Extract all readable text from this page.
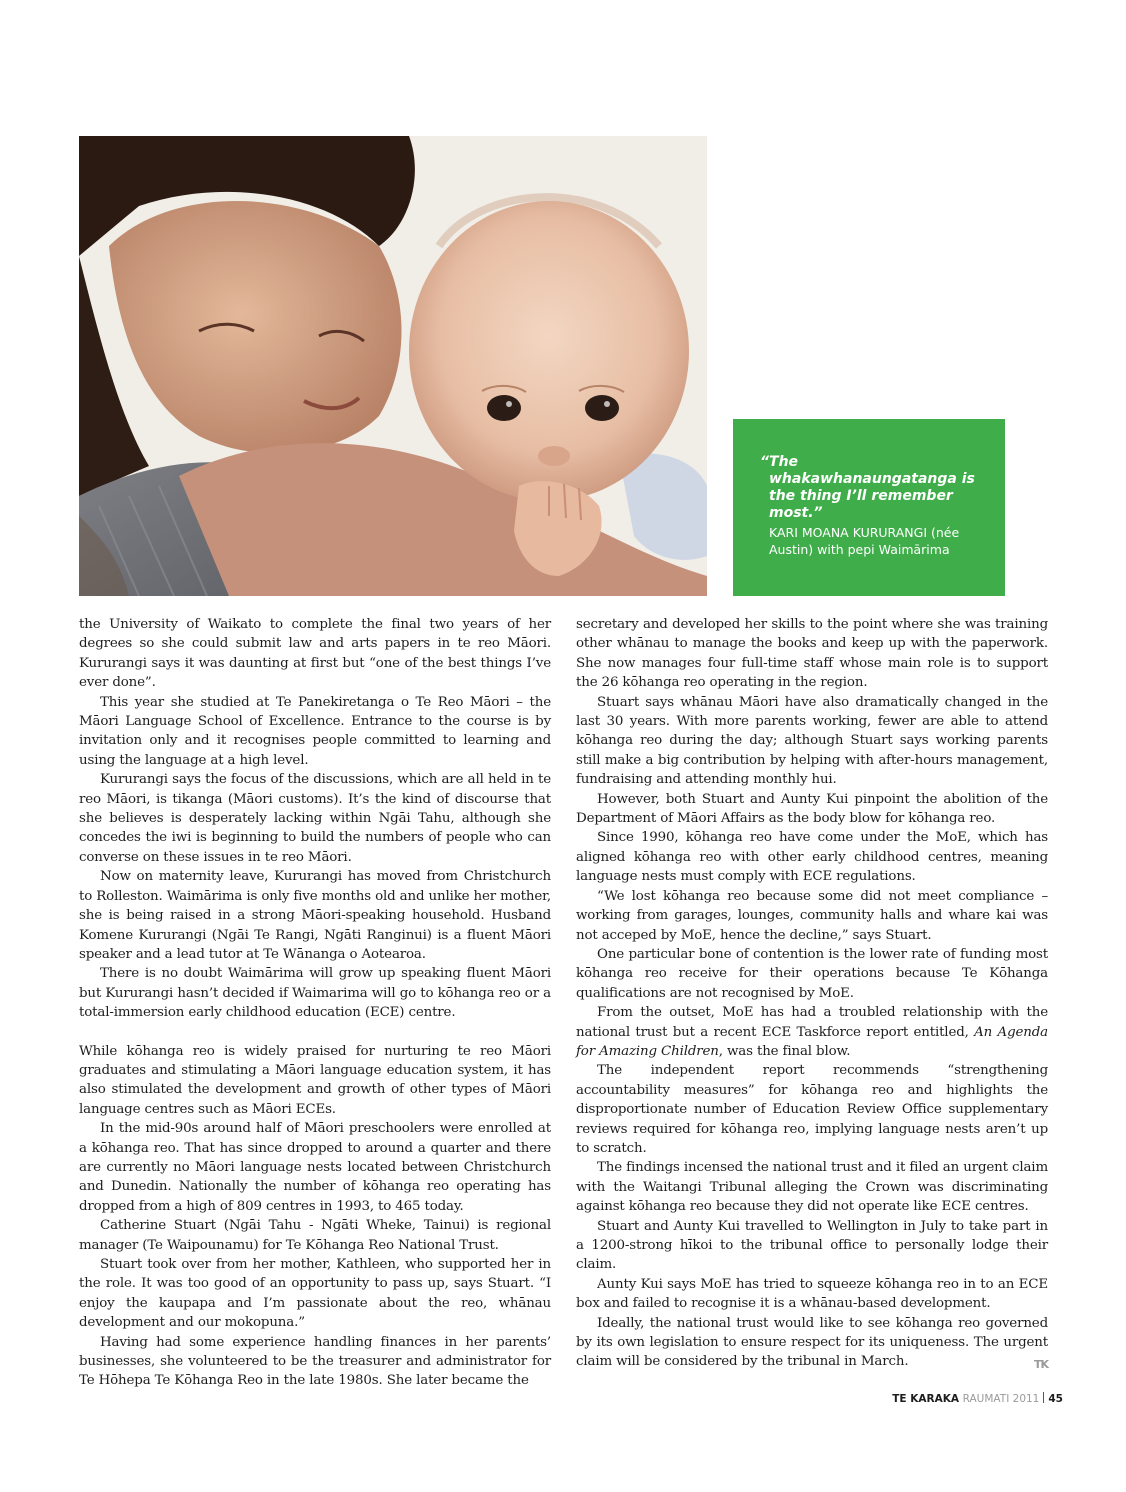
“The whakawhanaungatanga is the thing I’ll remember most.”

KARI MOANA KURURANGI (née Austin) with pepi Waimārima

the University of Waikato to complete the final two years of her degrees so she could submit law and arts papers in te reo Māori. Kururangi says it was daunting at first but “one of the best things I’ve ever done”.

This year she studied at Te Panekiretanga o Te Reo Māori – the Māori Language School of Excellence. Entrance to the course is by invitation only and it recognises people committed to learning and using the language at a high level.

Kururangi says the focus of the discussions, which are all held in te reo Māori, is tikanga (Māori customs). It’s the kind of discourse that she believes is desperately lacking within Ngāi Tahu, although she concedes the iwi is beginning to build the numbers of people who can converse on these issues in te reo Māori.

Now on maternity leave, Kururangi has moved from Christchurch to Rolleston. Waimārima is only five months old and unlike her mother, she is being raised in a strong Māori-speaking household. Husband Komene Kururangi (Ngāi Te Rangi, Ngāti Ranginui) is a fluent Māori speaker and a lead tutor at Te Wānanga o Aotearoa.

There is no doubt Waimārima will grow up speaking fluent Māori but Kururangi hasn’t decided if Waimarima will go to kōhanga reo or a total-immersion early childhood education (ECE) centre.

While kōhanga reo is widely praised for nurturing te reo Māori graduates and stimulating a Māori language education system, it has also stimulated the development and growth of other types of Māori language centres such as Māori ECEs.

In the mid-90s around half of Māori preschoolers were enrolled at a kōhanga reo. That has since dropped to around a quarter and there are currently no Māori language nests located between Christchurch and Dunedin. Nationally the number of kōhanga reo operating has dropped from a high of 809 centres in 1993, to 465 today.

Catherine Stuart (Ngāi Tahu - Ngāti Wheke, Tainui) is regional manager (Te Waipounamu) for Te Kōhanga Reo National Trust.

Stuart took over from her mother, Kathleen, who supported her in the role. It was too good of an opportunity to pass up, says Stuart. “I enjoy the kaupapa and I’m passionate about the reo, whānau development and our mokopuna.”

Having had some experience handling finances in her parents’ businesses, she volunteered to be the treasurer and administrator for Te Hōhepa Te Kōhanga Reo in the late 1980s. She later became the

secretary and developed her skills to the point where she was training other whānau to manage the books and keep up with the paperwork. She now manages four full-time staff whose main role is to support the 26 kōhanga reo operating in the region.

Stuart says whānau Māori have also dramatically changed in the last 30 years. With more parents working, fewer are able to attend kōhanga reo during the day; although Stuart says working parents still make a big contribution by helping with after-hours management, fundraising and attending monthly hui.

However, both Stuart and Aunty Kui pinpoint the abolition of the Department of Māori Affairs as the body blow for kōhanga reo.

Since 1990, kōhanga reo have come under the MoE, which has aligned kōhanga reo with other early childhood centres, meaning language nests must comply with ECE regulations.

“We lost kōhanga reo because some did not meet compliance – working from garages, lounges, community halls and whare kai was not acceped by MoE, hence the decline,” says Stuart.

One particular bone of contention is the lower rate of funding most kōhanga reo receive for their operations because Te Kōhanga qualifications are not recognised by MoE.

From the outset, MoE has had a troubled relationship with the national trust but a recent ECE Taskforce report entitled, An Agenda for Amazing Children, was the final blow.

The independent report recommends “strengthening accountability measures” for kōhanga reo and highlights the disproportionate number of Education Review Office supplementary reviews required for kōhanga reo, implying language nests aren’t up to scratch.

The findings incensed the national trust and it filed an urgent claim with the Waitangi Tribunal alleging the Crown was discriminating against kōhanga reo because they did not operate like ECE centres.

Stuart and Aunty Kui travelled to Wellington in July to take part in a 1200-strong hīkoi to the tribunal office to personally lodge their claim.

Aunty Kui says MoE has tried to squeeze kōhanga reo in to an ECE box and failed to recognise it is a whānau-based development.

Ideally, the national trust would like to see kōhanga reo governed by its own legislation to ensure respect for its uniqueness. The urgent claim will be considered by the tribunal in March.	TK

TE KARAKA RAUMATI 2011 45
